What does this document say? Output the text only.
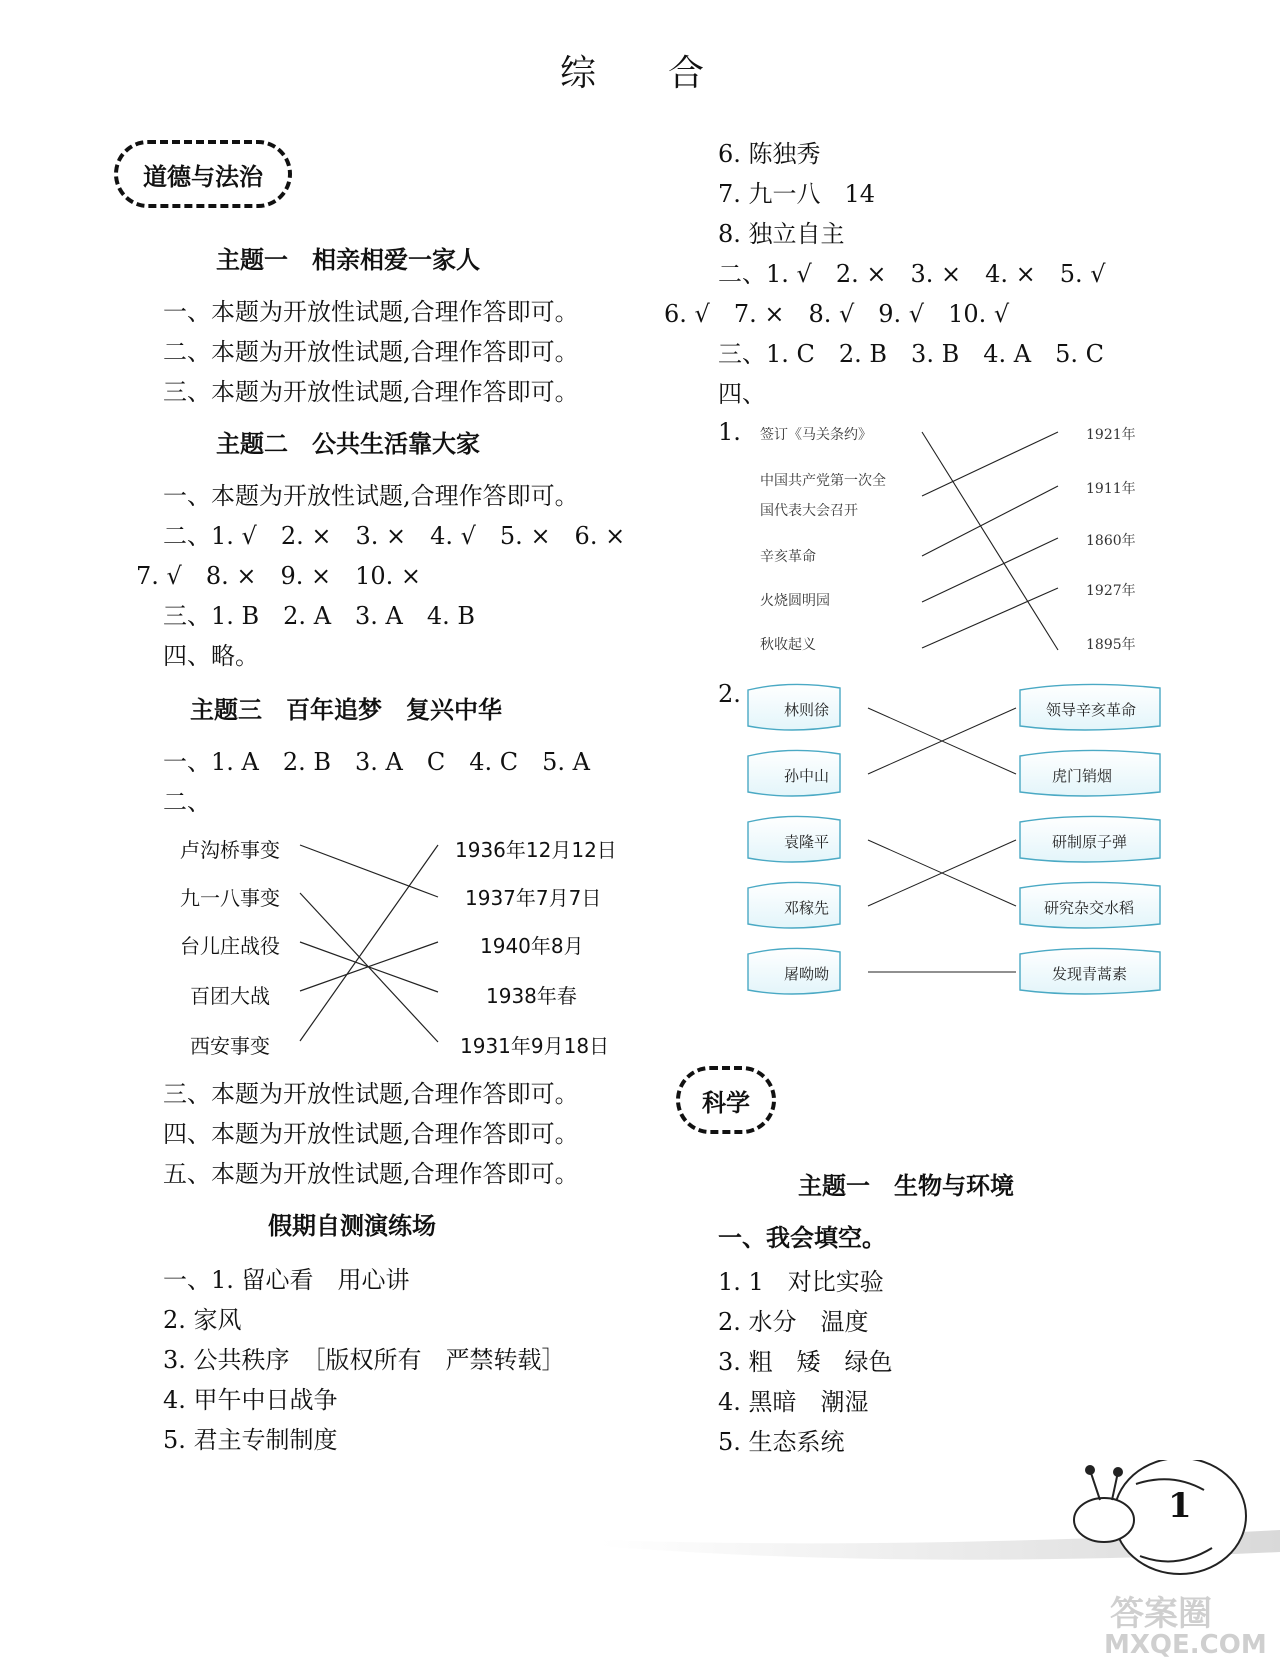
综　　合
道德与法治
主题一　相亲相爱一家人
一、本题为开放性试题,合理作答即可。
二、本题为开放性试题,合理作答即可。
三、本题为开放性试题,合理作答即可。
主题二　公共生活靠大家
一、本题为开放性试题,合理作答即可。
二、1. √　2. ×　3. ×　4. √　5. ×　6. ×
7. √　8. ×　9. ×　10. ×
三、1. B　2. A　3. A　4. B
四、略。
主题三　百年追梦　复兴中华
一、1. A　2. B　3. A　C　4. C　5. A
二、
卢沟桥事变
九一八事变
台儿庄战役
百团大战
西安事变
1936年12月12日
1937年7月7日
1940年8月
1938年春
1931年9月18日
三、本题为开放性试题,合理作答即可。
四、本题为开放性试题,合理作答即可。
五、本题为开放性试题,合理作答即可。
假期自测演练场
一、1. 留心看　用心讲
2. 家风
3. 公共秩序　［版权所有　严禁转载］
4. 甲午中日战争
5. 君主专制制度
6. 陈独秀
7. 九一八　14
8. 独立自主
二、1. √　2. ×　3. ×　4. ×　5. √
6. √　7. ×　8. √　9. √　10. √
三、1. C　2. B　3. B　4. A　5. C
四、
1. 签订《马关条约》
中国共产党第一次全
国代表大会召开
辛亥革命
火烧圆明园
秋收起义
1921年
1911年
1860年
1927年
1895年
2.
林则徐
孙中山
袁隆平
邓稼先
屠呦呦
领导辛亥革命
虎门销烟
研制原子弹
研究杂交水稻
发现青蒿素
科学
主题一　生物与环境
一、我会填空。
1. 1　对比实验
2. 水分　温度
3. 粗　矮　绿色
4. 黑暗　潮湿
5. 生态系统
1
答案圈
MXQE.COM
